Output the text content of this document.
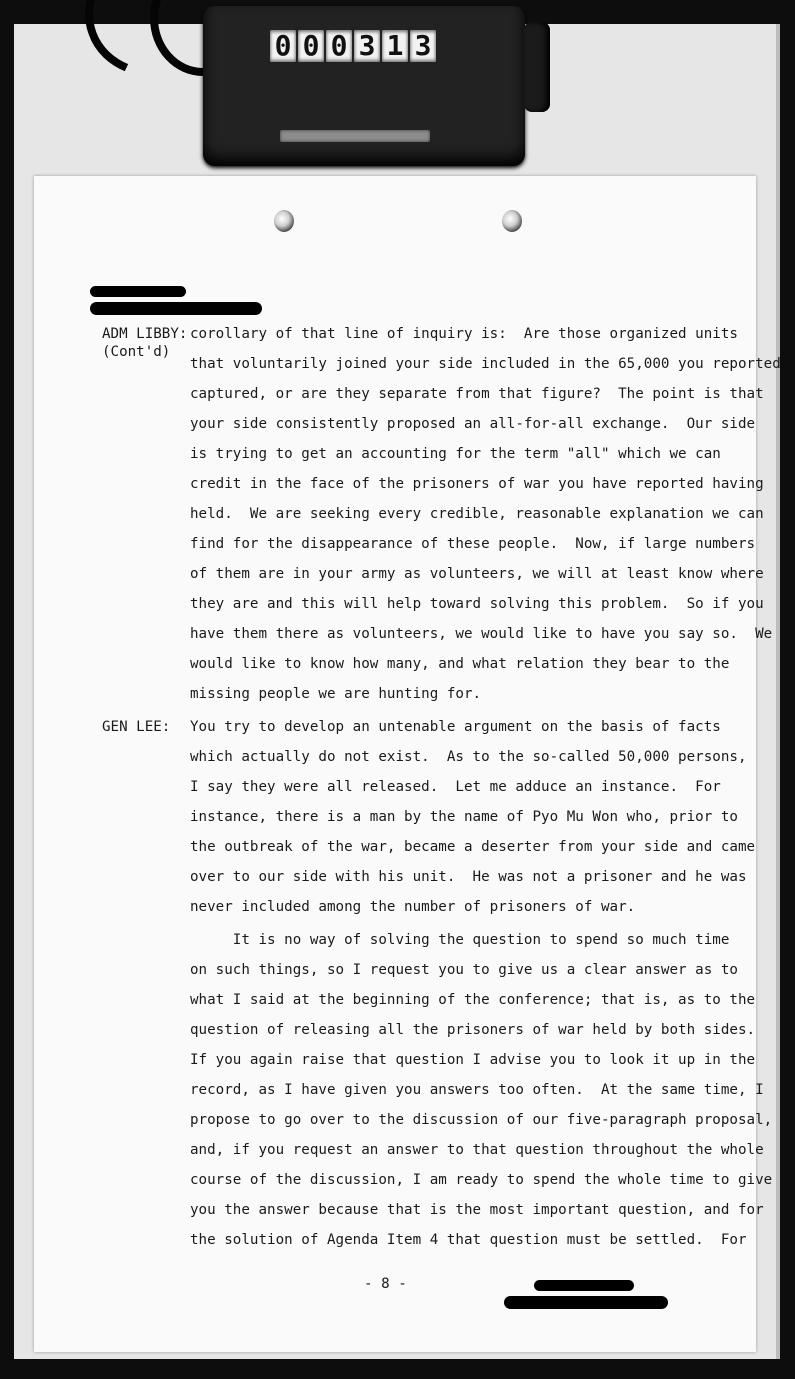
0 0 0 3 1 3
ADM LIBBY:
(Cont'd)
corollary of that line of inquiry is:  Are those organized units
that voluntarily joined your side included in the 65,000 you reported
captured, or are they separate from that figure?  The point is that
your side consistently proposed an all-for-all exchange.  Our side
is trying to get an accounting for the term "all" which we can
credit in the face of the prisoners of war you have reported having
held.  We are seeking every credible, reasonable explanation we can
find for the disappearance of these people.  Now, if large numbers
of them are in your army as volunteers, we will at least know where
they are and this will help toward solving this problem.  So if you
have them there as volunteers, we would like to have you say so.  We
would like to know how many, and what relation they bear to the
missing people we are hunting for.
GEN LEE: You try to develop an untenable argument on the basis of facts
which actually do not exist.  As to the so-called 50,000 persons,
I say they were all released.  Let me adduce an instance.  For
instance, there is a man by the name of Pyo Mu Won who, prior to
the outbreak of the war, became a deserter from your side and came
over to our side with his unit.  He was not a prisoner and he was
never included among the number of prisoners of war.
It is no way of solving the question to spend so much time
on such things, so I request you to give us a clear answer as to
what I said at the beginning of the conference; that is, as to the
question of releasing all the prisoners of war held by both sides.
If you again raise that question I advise you to look it up in the
record, as I have given you answers too often.  At the same time, I
propose to go over to the discussion of our five-paragraph proposal,
and, if you request an answer to that question throughout the whole
course of the discussion, I am ready to spend the whole time to give
you the answer because that is the most important question, and for
the solution of Agenda Item 4 that question must be settled.  For
- 8 -
